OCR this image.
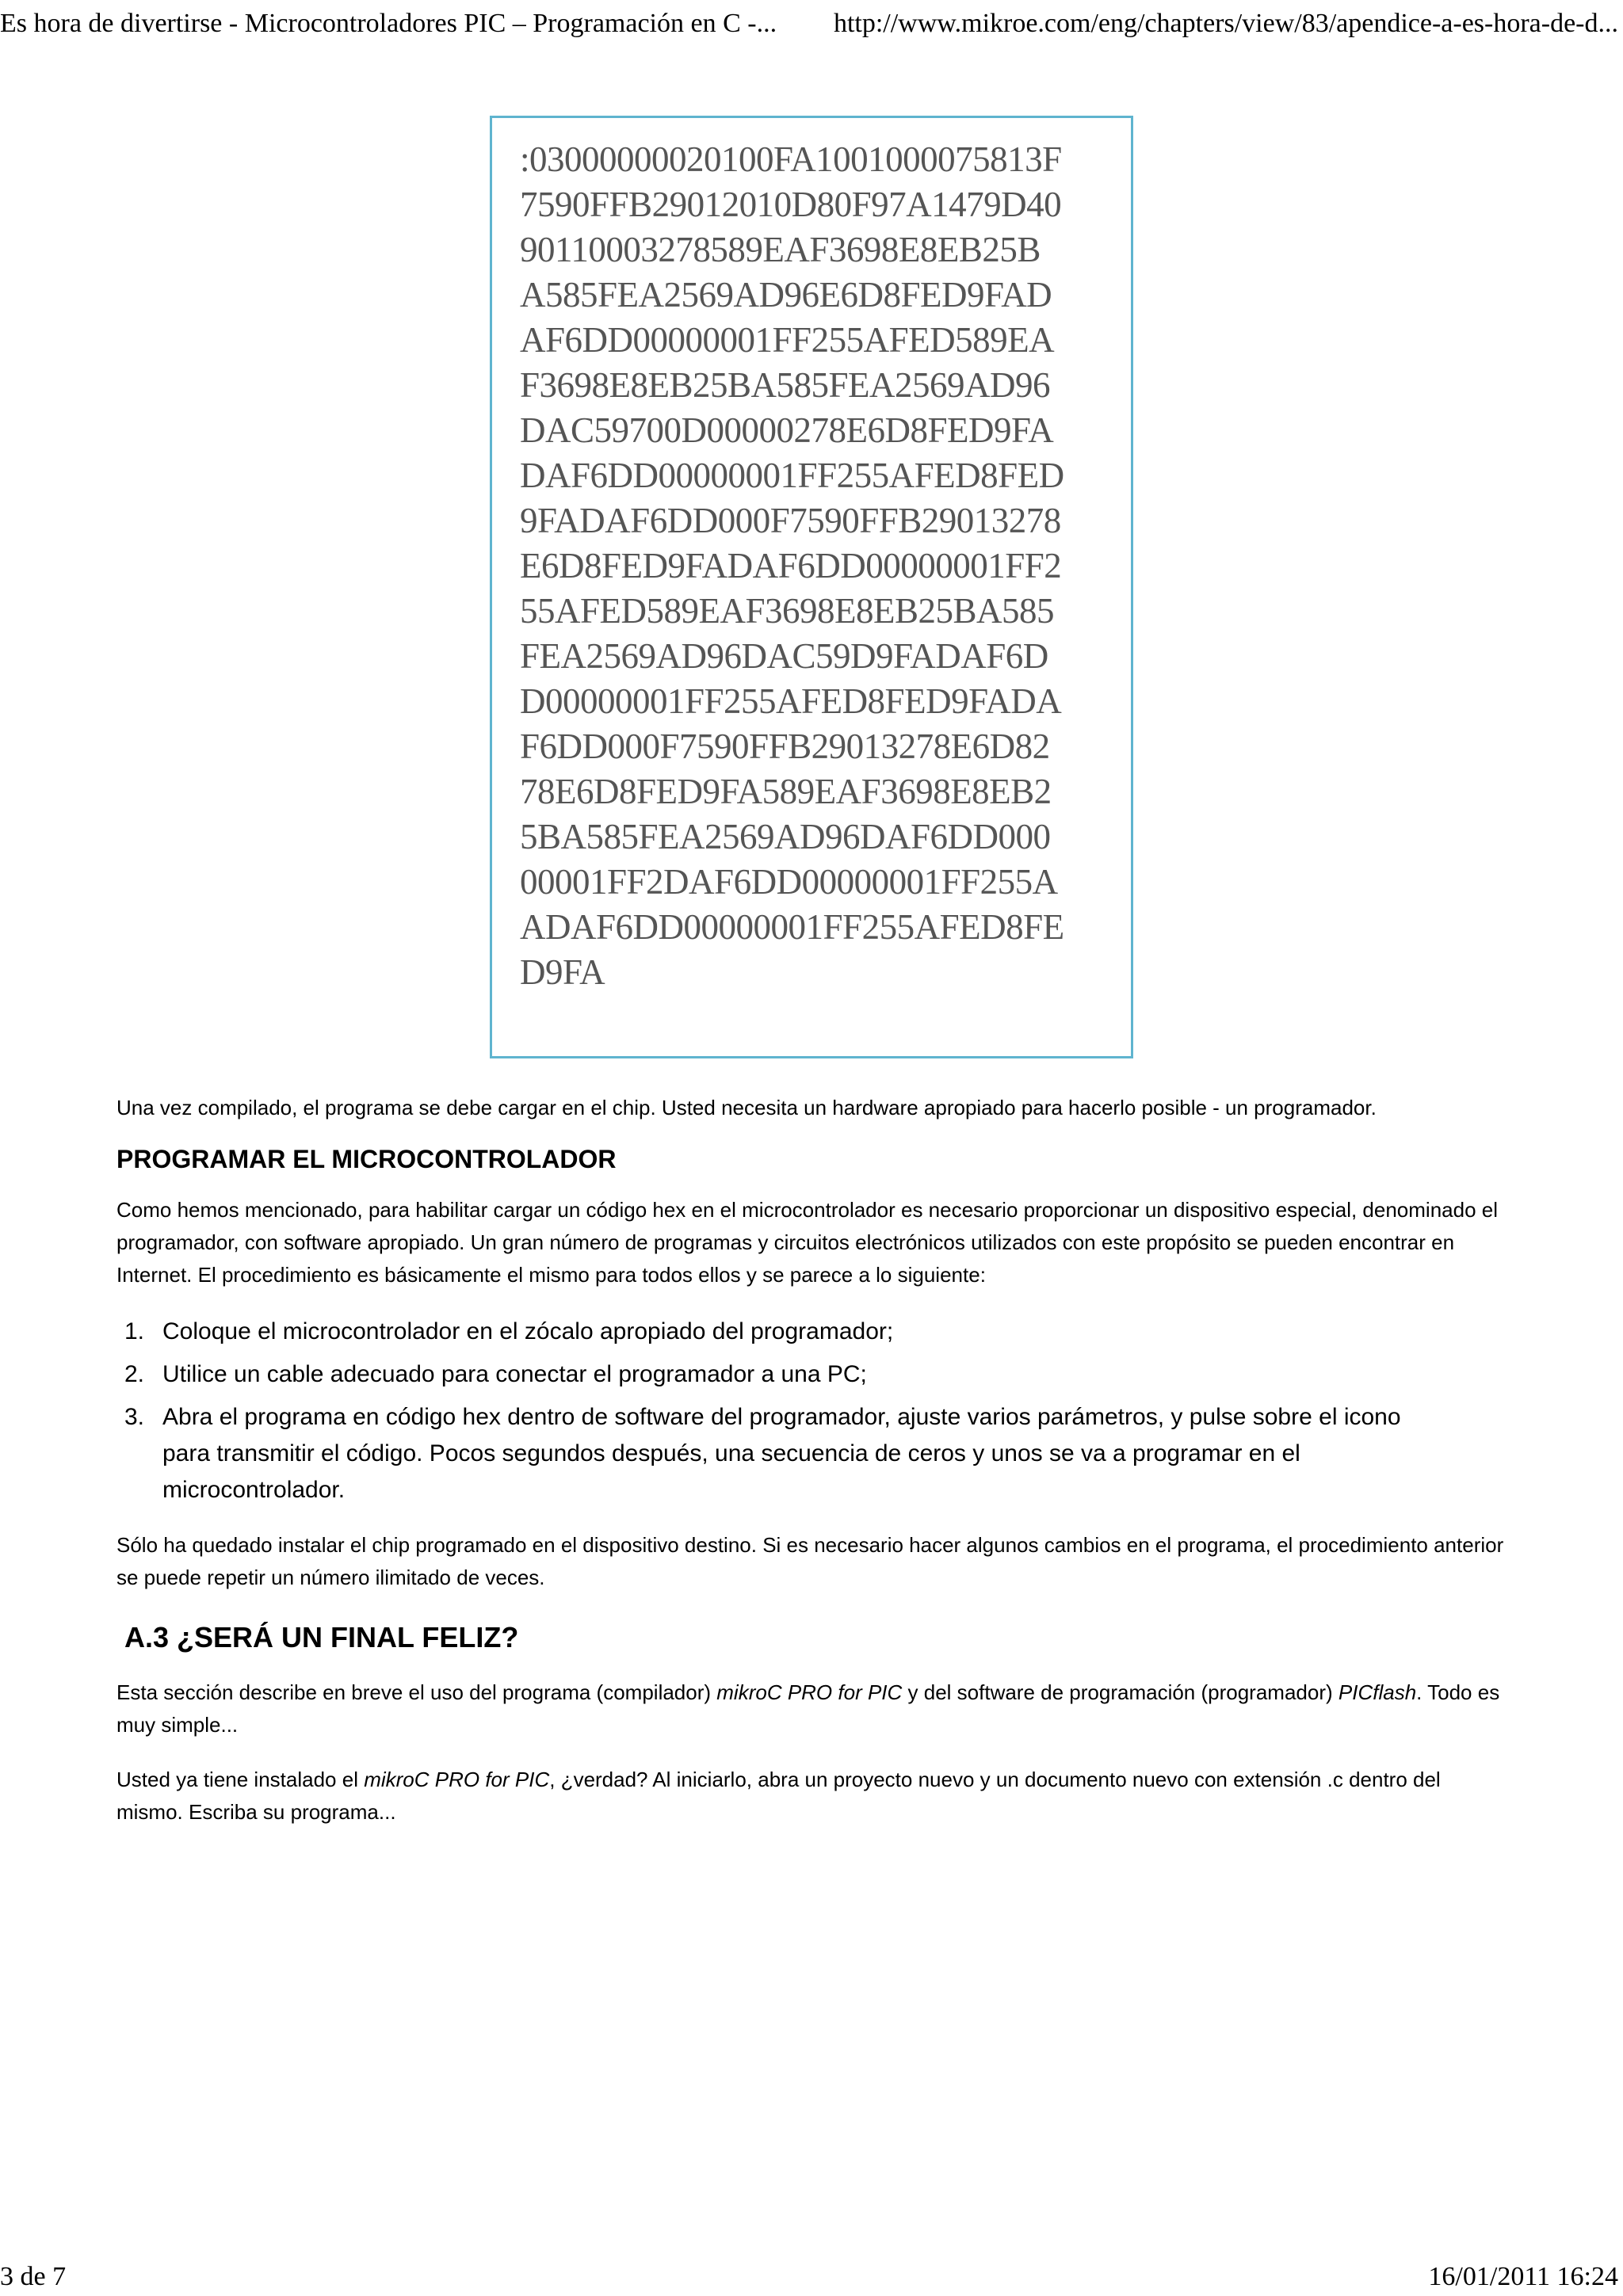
Es hora de divertirse - Microcontroladores PIC – Programación en C -... http://www.mikroe.com/eng/chapters/view/83/apendice-a-es-hora-de-d...
:03000000020100FA1001000075813F
7590FFB29012010D80F97A1479D40
90110003278589EAF3698E8EB25B
A585FEA2569AD96E6D8FED9FAD
AF6DD00000001FF255AFED589EA
F3698E8EB25BA585FEA2569AD96
DAC59700D00000278E6D8FED9FA
DAF6DD00000001FF255AFED8FED
9FADAF6DD000F7590FFB29013278
E6D8FED9FADAF6DD00000001FF2
55AFED589EAF3698E8EB25BA585
FEA2569AD96DAC59D9FADAF6D
D00000001FF255AFED8FED9FADA
F6DD000F7590FFB29013278E6D82
78E6D8FED9FA589EAF3698E8EB2
5BA585FEA2569AD96DAF6DD000
00001FF2DAF6DD00000001FF255A
ADAF6DD00000001FF255AFED8FE
D9FA

Una vez compilado, el programa se debe cargar en el chip. Usted necesita un hardware apropiado para hacerlo posible - un programador.

PROGRAMAR EL MICROCONTROLADOR

Como hemos mencionado, para habilitar cargar un código hex en el microcontrolador es necesario proporcionar un dispositivo especial, denominado el programador, con software apropiado. Un gran número de programas y circuitos electrónicos utilizados con este propósito se pueden encontrar en Internet. El procedimiento es básicamente el mismo para todos ellos y se parece a lo siguiente:

1. Coloque el microcontrolador en el zócalo apropiado del programador;
2. Utilice un cable adecuado para conectar el programador a una PC;
3. Abra el programa en código hex dentro de software del programador, ajuste varios parámetros, y pulse sobre el icono para transmitir el código. Pocos segundos después, una secuencia de ceros y unos se va a programar en el microcontrolador.

Sólo ha quedado instalar el chip programado en el dispositivo destino. Si es necesario hacer algunos cambios en el programa, el procedimiento anterior se puede repetir un número ilimitado de veces.

A.3 ¿SERÁ UN FINAL FELIZ?

Esta sección describe en breve el uso del programa (compilador) mikroC PRO for PIC y del software de programación (programador) PICflash. Todo es muy simple...

Usted ya tiene instalado el mikroC PRO for PIC, ¿verdad? Al iniciarlo, abra un proyecto nuevo y un documento nuevo con extensión .c dentro del mismo. Escriba su programa...

3 de 7	16/01/2011 16:24
